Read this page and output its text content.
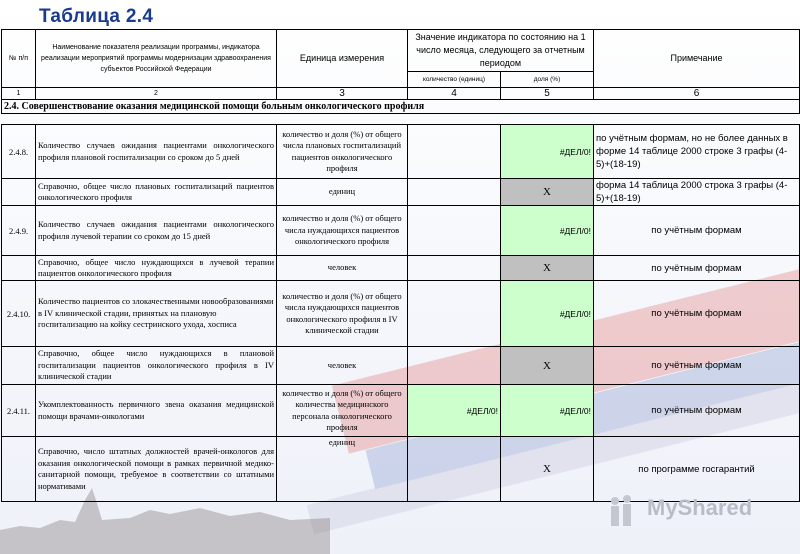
Таблица 2.4
№ п/п	Наименование показателя реализации программы, индикатора реализации мероприятий программы модернизации здравоохранения субъектов Российской Федерации	Единица измерения	Значение индикатора по состоянию на 1 число месяца, следующего за отчетным периодом		Примечание
			количество (единиц)	доля (%)	
1	2	3	4	5	6
2.4. Совершенствование оказания медицинской помощи больным онкологического профиля					
2.4.8.	Количество случаев ожидания пациентами онкологического профиля плановой госпитализации со сроком до 5 дней	количество и доля (%) от общего числа плановых госпитализаций пациентов онкологического профиля		#ДЕЛ/0!	по учётным формам, но не более данных в форме 14 таблице 2000 строке 3 графы (4-5)+(18-19)
	Справочно, общее число плановых госпитализаций пациентов онкологического профиля	единиц		X	форма 14 таблица 2000 строка 3 графы (4-5)+(18-19)
2.4.9.	Количество случаев ожидания пациентами онкологического профиля лучевой терапии со сроком до 15 дней	количество и доля (%) от общего числа нуждающихся пациентов онкологического профиля		#ДЕЛ/0!	по учётным формам
	Справочно, общее число нуждающихся в лучевой терапии пациентов онкологического профиля	человек		X	по учётным формам
2.4.10.	Количество пациентов со злокачественными новообразованиями в IV клинической стадии, принятых на плановую госпитализацию на койку сестринского ухода, хосписа	количество и доля (%) от общего числа нуждающихся пациентов онкологического профиля в IV клинической стадии		#ДЕЛ/0!	по учётным формам
	Справочно, общее число нуждающихся в плановой госпитализации пациентов онкологического профиля в IV клинической стадии	человек		X	по учётным формам
2.4.11.	Укомплектованность первичного звена оказания медицинской помощи врачами-онкологами	количество и доля (%) от общего количества медицинского персонала онкологического профиля	#ДЕЛ/0!	#ДЕЛ/0!	по учётным формам
	Справочно, число штатных должностей врачей-онкологов для оказания онкологической помощи в рамках первичной медико-санитарной помощи, требуемое в соответствии со штатными нормативами	единиц		X	по программе госгарантий
MyShared
